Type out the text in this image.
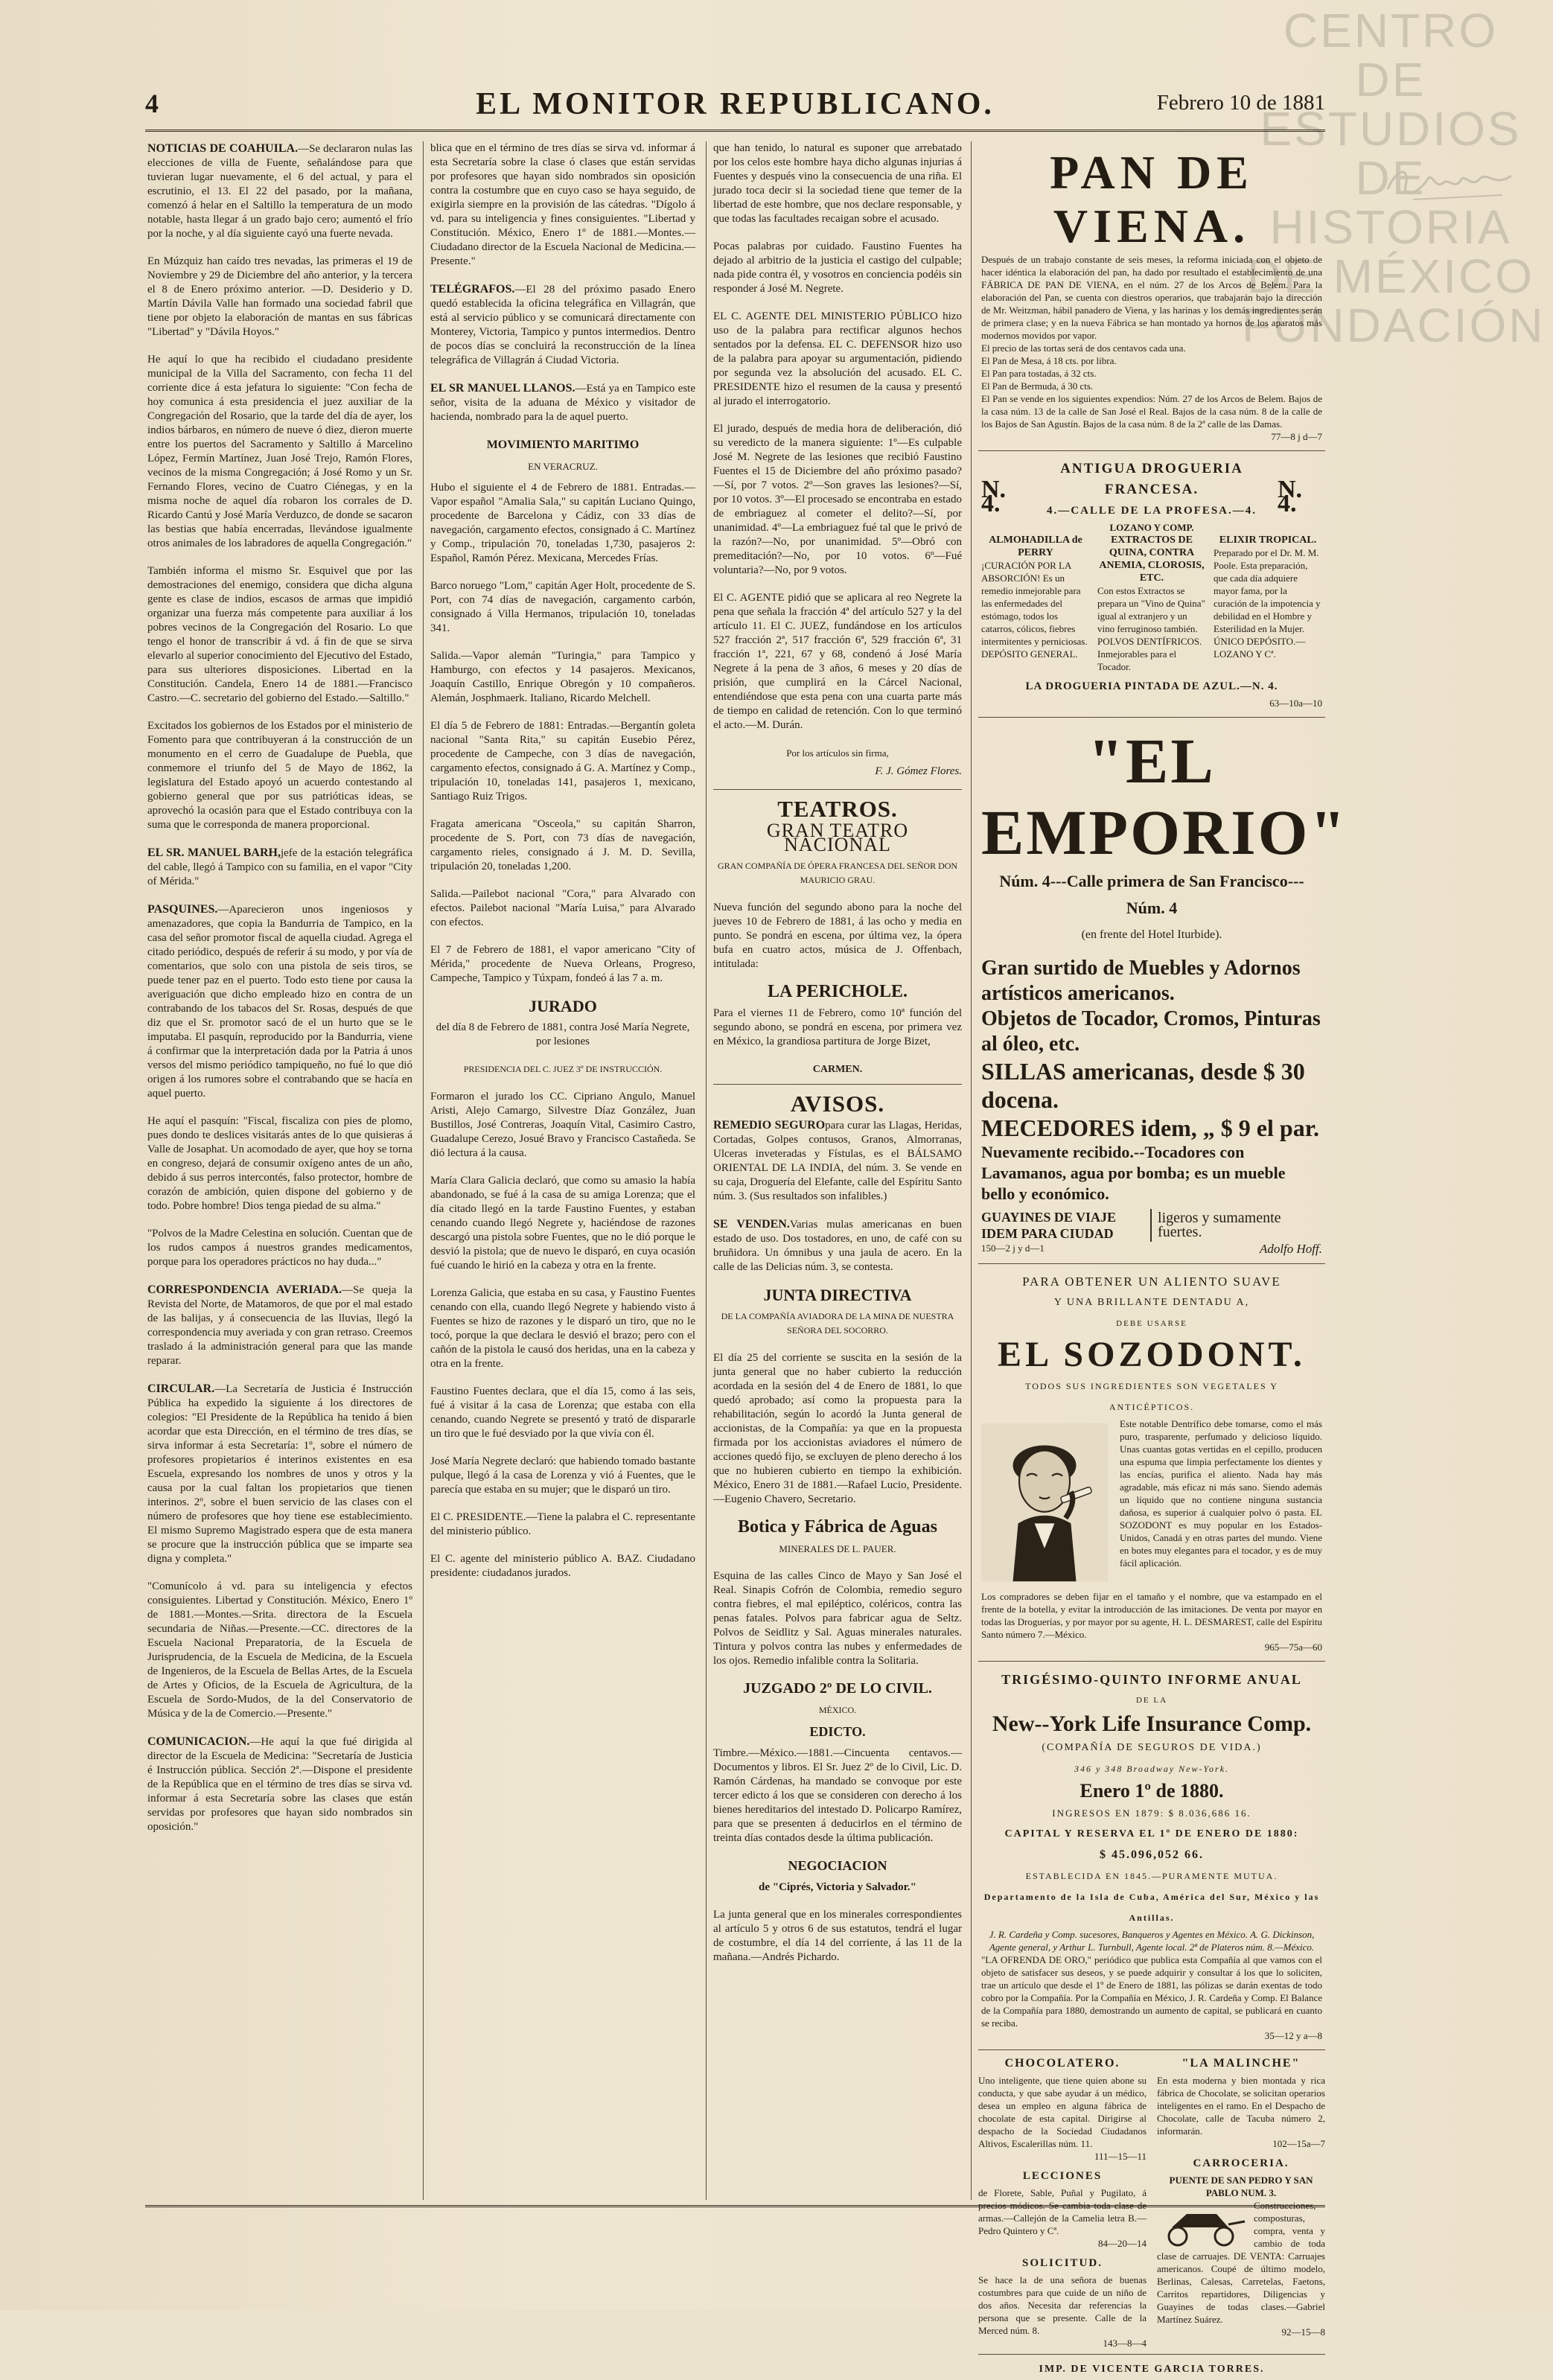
CENTRO DE
ESTUDIOS
DE HISTORIA
DE MÉXICO
FUNDACIÓN
4	EL MONITOR REPUBLICANO.	Febrero 10 de 1881
NOTICIAS DE COAHUILA.—Se declararon nulas las elecciones de villa de Fuente, señalándose para que tuvieran lugar nuevamente, el 6 del actual, y para el escrutinio, el 13. El 22 del pasado, por la mañana, comenzó á helar en el Saltillo la temperatura de un modo notable, hasta llegar á un grado bajo cero; aumentó el frío por la noche, y al día siguiente cayó una fuerte nevada.
En Múzquiz han caído tres nevadas, las primeras el 19 de Noviembre y 29 de Diciembre del año anterior, y la tercera el 8 de Enero próximo anterior. —D. Desiderio y D. Martín Dávila Valle han formado una sociedad fabril que tiene por objeto la elaboración de mantas en sus fábricas "Libertad" y "Dávila Hoyos."
He aquí lo que ha recibido el ciudadano presidente municipal de la Villa del Sacramento, con fecha 11 del corriente dice á esta jefatura lo siguiente: "Con fecha de hoy comunica á esta presidencia el juez auxiliar de la Congregación del Rosario, que la tarde del día de ayer, los indios bárbaros, en número de nueve ó diez, dieron muerte entre los puertos del Sacramento y Saltillo á Marcelino López, Fermín Martínez, Juan José Trejo, Ramón Flores, vecinos de la misma Congregación; á José Romo y un Sr. Fernando Flores, vecino de Cuatro Ciénegas, y en la misma noche de aquel día robaron los corrales de D. Ricardo Cantú y José María Verduzco, de donde se sacaron las bestias que había encerradas, llevándose igualmente otros animales de los labradores de aquella Congregación."
También informa el mismo Sr. Esquivel que por las demostraciones del enemigo, considera que dicha alguna gente es clase de indios, escasos de armas que impidió organizar una fuerza más competente para auxiliar á los pobres vecinos de la Congregación del Rosario. Lo que tengo el honor de transcribir á vd. á fin de que se sirva elevarlo al superior conocimiento del Ejecutivo del Estado, para sus ulteriores disposiciones. Libertad en la Constitución. Candela, Enero 14 de 1881.—Francisco Castro.—C. secretario del gobierno del Estado.—Saltillo."
Excitados los gobiernos de los Estados por el ministerio de Fomento para que contribuyeran á la construcción de un monumento en el cerro de Guadalupe de Puebla, que conmemore el triunfo del 5 de Mayo de 1862, la legislatura del Estado apoyó un acuerdo contestando al gobierno general que por sus patrióticas ideas, se aprovechó la ocasión para que el Estado contribuya con la suma que le corresponda de manera proporcional.
EL SR. MANUEL BARH,jefe de la estación telegráfica del cable, llegó á Tampico con su familia, en el vapor "City of Mérida."
PASQUINES.—Aparecieron unos ingeniosos y amenazadores, que copia la Bandurria de Tampico, en la casa del señor promotor fiscal de aquella ciudad. Agrega el citado periódico, después de referir á su modo, y por vía de comentarios, que solo con una pistola de seis tiros, se puede tener paz en el puerto. Todo esto tiene por causa la averiguación que dicho empleado hizo en contra de un contrabando de los tabacos del Sr. Rosas, después de que diz que el Sr. promotor sacó de el un hurto que se le imputaba. El pasquín, reproducido por la Bandurria, viene á confirmar que la interpretación dada por la Patria á unos versos del mismo periódico tampiqueño, no fué lo que dió origen á los rumores sobre el contrabando que se hacía en aquel puerto.
He aquí el pasquín: "Fiscal, fiscaliza con pies de plomo, pues dondo te deslices visitarás antes de lo que quisieras á Valle de Josaphat. Un acomodado de ayer, que hoy se torna en congreso, dejará de consumir oxígeno antes de un año, debido á sus perros intercontés, falso protector, hombre de corazón de ambición, quien dispone del gobierno y de todo. Pobre hombre! Dios tenga piedad de su alma."
"Polvos de la Madre Celestina en solución. Cuentan que de los rudos campos á nuestros grandes medicamentos, porque para los operadores prácticos no hay duda..."
CORRESPONDENCIA AVERIADA.—Se queja la Revista del Norte, de Matamoros, de que por el mal estado de las balijas, y á consecuencia de las lluvias, llegó la correspondencia muy averiada y con gran retraso. Creemos traslado á la administración general para que las mande reparar.
CIRCULAR.—La Secretaría de Justicia é Instrucción Pública ha expedido la siguiente á los directores de colegios: "El Presidente de la República ha tenido á bien acordar que esta Dirección, en el término de tres días, se sirva informar á esta Secretaría: 1º, sobre el número de profesores propietarios é interinos existentes en esa Escuela, expresando los nombres de unos y otros y la causa por la cual faltan los propietarios que tienen interinos. 2º, sobre el buen servicio de las clases con el número de profesores que hoy tiene ese establecimiento. El mismo Supremo Magistrado espera que de esta manera se procure que la instrucción pública que se imparte sea digna y completa."
"Comunícolo á vd. para su inteligencia y efectos consiguientes. Libertad y Constitución. México, Enero 1º de 1881.—Montes.—Srita. directora de la Escuela secundaria de Niñas.—Presente.—CC. directores de la Escuela Nacional Preparatoria, de la Escuela de Jurisprudencia, de la Escuela de Medicina, de la Escuela de Ingenieros, de la Escuela de Bellas Artes, de la Escuela de Artes y Oficios, de la Escuela de Agricultura, de la Escuela de Sordo-Mudos, de la del Conservatorio de Música y de la de Comercio.—Presente."
COMUNICACION.—He aquí la que fué dirigida al director de la Escuela de Medicina: "Secretaría de Justicia é Instrucción pública. Sección 2ª.—Dispone el presidente de la República que en el término de tres días se sirva vd. informar á esta Secretaría sobre las clases que están servidas por profesores que hayan sido nombrados sin oposición."
blica que en el término de tres días se sirva vd. informar á esta Secretaría sobre la clase ó clases que están servidas por profesores que hayan sido nombrados sin oposición contra la costumbre que en cuyo caso se haya seguido, de exigirla siempre en la provisión de las cátedras. "Dígolo á vd. para su inteligencia y fines consiguientes. "Libertad y Constitución. México, Enero 1º de 1881.—Montes.—Ciudadano director de la Escuela Nacional de Medicina.—Presente."
TELÉGRAFOS.—El 28 del próximo pasado Enero quedó establecida la oficina telegráfica en Villagrán, que está al servicio público y se comunicará directamente con Monterey, Victoria, Tampico y puntos intermedios. Dentro de pocos días se concluirá la reconstrucción de la línea telegráfica de Villagrán á Ciudad Victoria.
EL SR MANUEL LLANOS.—Está ya en Tampico este señor, visita de la aduana de México y visitador de hacienda, nombrado para la de aquel puerto.
MOVIMIENTO MARITIMO
EN VERACRUZ.
Hubo el siguiente el 4 de Febrero de 1881. Entradas.—Vapor español "Amalia Sala," su capitán Luciano Quingo, procedente de Barcelona y Cádiz, con 33 días de navegación, cargamento efectos, consignado á C. Martínez y Comp., tripulación 70, toneladas 1,730, pasajeros 2: Español, Ramón Pérez. Mexicana, Mercedes Frías.
Barco noruego "Lom," capitán Ager Holt, procedente de S. Port, con 74 días de navegación, cargamento carbón, consignado á Villa Hermanos, tripulación 10, toneladas 341.
Salida.—Vapor alemán "Turingia," para Tampico y Hamburgo, con efectos y 14 pasajeros. Mexicanos, Joaquín Castillo, Enrique Obregón y 10 compañeros. Alemán, Josphmaerk. Italiano, Ricardo Melchell.
El día 5 de Febrero de 1881: Entradas.—Bergantín goleta nacional "Santa Rita," su capitán Eusebio Pérez, procedente de Campeche, con 3 días de navegación, cargamento efectos, consignado á G. A. Martínez y Comp., tripulación 10, toneladas 141, pasajeros 1, mexicano, Santiago Ruiz Trigos.
Fragata americana "Osceola," su capitán Sharron, procedente de S. Port, con 73 días de navegación, cargamento rieles, consignado á J. M. D. Sevilla, tripulación 20, toneladas 1,200.
Salida.—Pailebot nacional "Cora," para Alvarado con efectos. Pailebot nacional "María Luisa," para Alvarado con efectos.
El 7 de Febrero de 1881, el vapor americano "City of Mérida," procedente de Nueva Orleans, Progreso, Campeche, Tampico y Túxpam, fondeó á las 7 a. m.
JURADO
del día 8 de Febrero de 1881, contra José María Negrete, por lesiones
PRESIDENCIA DEL C. JUEZ 3º DE INSTRUCCIÓN.
Formaron el jurado los CC. Cipriano Angulo, Manuel Aristi, Alejo Camargo, Silvestre Díaz González, Juan Bustillos, José Contreras, Joaquín Vital, Casimiro Castro, Guadalupe Cerezo, Josué Bravo y Francisco Castañeda. Se dió lectura á la causa.
María Clara Galicia declaró, que como su amasio la había abandonado, se fué á la casa de su amiga Lorenza; que el día citado llegó en la tarde Faustino Fuentes, y estaban cenando cuando llegó Negrete y, haciéndose de razones descargó una pistola sobre Fuentes, que no le dió porque le desvió la pistola; que de nuevo le disparó, en cuya ocasión fué cuando le hirió en la cabeza y otra en la frente.
Lorenza Galicia, que estaba en su casa, y Faustino Fuentes cenando con ella, cuando llegó Negrete y habiendo visto á Fuentes se hizo de razones y le disparó un tiro, que no le tocó, porque la que declara le desvió el brazo; pero con el cañón de la pistola le causó dos heridas, una en la cabeza y otra en la frente.
Faustino Fuentes declara, que el día 15, como á las seis, fué á visitar á la casa de Lorenza; que estaba con ella cenando, cuando Negrete se presentó y trató de dispararle un tiro que le fué desviado por la que vivía con él.
José María Negrete declaró: que habiendo tomado bastante pulque, llegó á la casa de Lorenza y vió á Fuentes, que le parecía que estaba en su mujer; que le disparó un tiro.
El C. PRESIDENTE.—Tiene la palabra el C. representante del ministerio público.
El C. agente del ministerio público A. BAZ. Ciudadano presidente: ciudadanos jurados.
que han tenido, lo natural es suponer que arrebatado por los celos este hombre haya dicho algunas injurias á Fuentes y después vino la consecuencia de una riña. El jurado toca decir si la sociedad tiene que temer de la libertad de este hombre, que nos declare responsable, y que todas las facultades recaigan sobre el acusado.
Pocas palabras por cuidado. Faustino Fuentes ha dejado al arbitrio de la justicia el castigo del culpable; nada pide contra él, y vosotros en conciencia podéis sin responder á José M. Negrete.
EL C. AGENTE DEL MINISTERIO PÚBLICO hizo uso de la palabra para rectificar algunos hechos sentados por la defensa. EL C. DEFENSOR hizo uso de la palabra para apoyar su argumentación, pidiendo por segunda vez la absolución del acusado. EL C. PRESIDENTE hizo el resumen de la causa y presentó al jurado el interrogatorio.
El jurado, después de media hora de deliberación, dió su veredicto de la manera siguiente: 1º—Es culpable José M. Negrete de las lesiones que recibió Faustino Fuentes el 15 de Diciembre del año próximo pasado?—Sí, por 7 votos. 2º—Son graves las lesiones?—Sí, por 10 votos. 3º—El procesado se encontraba en estado de embriaguez al cometer el delito?—Sí, por unanimidad. 4º—La embriaguez fué tal que le privó de la razón?—No, por unanimidad. 5º—Obró con premeditación?—No, por 10 votos. 6º—Fué voluntaria?—No, por 9 votos.
El C. AGENTE pidió que se aplicara al reo Negrete la pena que señala la fracción 4ª del artículo 527 y la del artículo 11. El C. JUEZ, fundándose en los artículos 527 fracción 2ª, 517 fracción 6ª, 529 fracción 6ª, 31 fracción 1ª, 221, 67 y 68, condenó á José María Negrete á la pena de 3 años, 6 meses y 20 días de prisión, que cumplirá en la Cárcel Nacional, entendiéndose que esta pena con una cuarta parte más de tiempo en calidad de retención. Con lo que terminó el acto.—M. Durán.
Por los artículos sin firma,
F. J. Gómez Flores.
TEATROS.
GRAN TEATRO NACIONAL
GRAN COMPAÑÍA DE ÓPERA FRANCESA DEL SEÑOR DON MAURICIO GRAU.
Nueva función del segundo abono para la noche del jueves 10 de Febrero de 1881, á las ocho y media en punto. Se pondrá en escena, por última vez, la ópera bufa en cuatro actos, música de J. Offenbach, intitulada:
LA PERICHOLE.
Para el viernes 11 de Febrero, como 10ª función del segundo abono, se pondrá en escena, por primera vez en México, la grandiosa partitura de Jorge Bizet,
CARMEN.
AVISOS.
REMEDIO SEGUROpara curar las Llagas, Heridas, Cortadas, Golpes contusos, Granos, Almorranas, Ulceras inveteradas y Fístulas, es el BÁLSAMO ORIENTAL DE LA INDIA, del núm. 3. Se vende en su caja, Droguería del Elefante, calle del Espíritu Santo núm. 3. (Sus resultados son infalibles.)
SE VENDEN.Varias mulas americanas en buen estado de uso. Dos tostadores, en uno, de café con su bruñidora. Un ómnibus y una jaula de acero. En la calle de las Delicias núm. 3, se contesta.
JUNTA DIRECTIVA
DE LA COMPAÑÍA AVIADORA DE LA MINA DE NUESTRA SEÑORA DEL SOCORRO.
El día 25 del corriente se suscita en la sesión de la junta general que no haber cubierto la reducción acordada en la sesión del 4 de Enero de 1881, lo que quedó aprobado; así como la propuesta para la rehabilitación, según lo acordó la Junta general de accionistas, de la Compañía: ya que en la propuesta firmada por los accionistas aviadores el número de acciones quedó fijo, se excluyen de pleno derecho á los que no hubieren cubierto en tiempo la exhibición. México, Enero 31 de 1881.—Rafael Lucio, Presidente.—Eugenio Chavero, Secretario.
Botica y Fábrica de Aguas
MINERALES DE L. PAUER.
Esquina de las calles Cinco de Mayo y San José el Real. Sinapis Cofrón de Colombia, remedio seguro contra fiebres, el mal epiléptico, coléricos, contra las penas fatales. Polvos para fabricar agua de Seltz. Polvos de Seidlitz y Sal. Aguas minerales naturales. Tintura y polvos contra las nubes y enfermedades de los ojos. Remedio infalible contra la Solitaria.
JUZGADO 2º DE LO CIVIL.
MÉXICO.
EDICTO.
Timbre.—México.—1881.—Cincuenta centavos.—Documentos y libros. El Sr. Juez 2º de lo Civil, Lic. D. Ramón Cárdenas, ha mandado se convoque por este tercer edicto á los que se consideren con derecho á los bienes hereditarios del intestado D. Policarpo Ramírez, para que se presenten á deducirlos en el término de treinta días contados desde la última publicación.
NEGOCIACION
de "Ciprés, Victoria y Salvador."
La junta general que en los minerales correspondientes al artículo 5 y otros 6 de sus estatutos, tendrá el lugar de costumbre, el día 14 del corriente, á las 11 de la mañana.—Andrés Pichardo.
PAN DE VIENA.
Después de un trabajo constante de seis meses, la reforma iniciada con el objeto de hacer idéntica la elaboración del pan, ha dado por resultado el establecimiento de una FÁBRICA DE PAN DE VIENA, en el núm. 27 de los Arcos de Belem. Para la elaboración del Pan, se cuenta con diestros operarios, que trabajarán bajo la dirección de Mr. Weitzman, hábil panadero de Viena, y las harinas y los demás ingredientes serán de primera clase; y en la nueva Fábrica se han montado ya hornos de los aparatos más modernos movidos por vapor.
El precio de las tortas será de dos centavos cada una.
El Pan de Mesa, á 18 cts. por libra.
El Pan para tostadas, á 32 cts.
El Pan de Bermuda, á 30 cts.
El Pan se vende en los siguientes expendios: Núm. 27 de los Arcos de Belem. Bajos de la casa núm. 13 de la calle de San José el Real. Bajos de la casa núm. 8 de la calle de los Bajos de San Agustín. Bajos de la casa núm. 8 de la 2ª calle de las Damas.
77—8 j d—7
N. 4.
ANTIGUA DROGUERIA FRANCESA.
4.—CALLE DE LA PROFESA.—4.
LOZANO Y COMP.
N. 4.
ALMOHADILLA de PERRY
¡CURACIÓN POR LA ABSORCIÓN! Es un remedio inmejorable para las enfermedades del estómago, todos los catarros, cólicos, fiebres intermitentes y perniciosas. DEPÓSITO GENERAL.
EXTRACTOS DE QUINA, CONTRA ANEMIA, CLOROSIS, ETC.
Con estos Extractos se prepara un "Vino de Quina" igual al extranjero y un vino ferruginoso también. POLVOS DENTÍFRICOS. Inmejorables para el Tocador.
ELIXIR TROPICAL.
Preparado por el Dr. M. M. Poole. Esta preparación, que cada día adquiere mayor fama, por la curación de la impotencia y debilidad en el Hombre y Esterilidad en la Mujer. ÚNICO DEPÓSITO.—LOZANO Y Cª.
LA DROGUERIA PINTADA DE AZUL.—N. 4.
63—10a—10
"EL EMPORIO"
Núm. 4---Calle primera de San Francisco---Núm. 4
(en frente del Hotel Iturbide).
Gran surtido de Muebles y Adornos artísticos americanos.
Objetos de Tocador, Cromos, Pinturas al óleo, etc.
SILLAS americanas, desde $ 30 docena.
MECEDORES idem, „ $ 9 el par.
Nuevamente recibido.--Tocadores con Lavamanos, agua por bomba; es un mueble bello y económico.
GUAYINES DE VIAJE IDEM PARA CIUDAD
ligeros y sumamente fuertes.
150—2 j y d—1	Adolfo Hoff.
PARA OBTENER UN ALIENTO SUAVE
Y UNA BRILLANTE DENTADU A,
DEBE USARSE
EL SOZODONT.
TODOS SUS INGREDIENTES SON VEGETALES Y ANTICÉPTICOS.
Este notable Dentrífico debe tomarse, como el más puro, trasparente, perfumado y delicioso líquido. Unas cuantas gotas vertidas en el cepillo, producen una espuma que limpia perfectamente los dientes y las encías, purifica el aliento. Nada hay más agradable, más eficaz ni más sano. Siendo además un líquido que no contiene ninguna sustancia dañosa, es superior á cualquier polvo ó pasta. EL SOZODONT es muy popular en los Estados-Unidos, Canadá y en otras partes del mundo. Viene en botes muy elegantes para el tocador, y es de muy fácil aplicación.
Los compradores se deben fijar en el tamaño y el nombre, que va estampado en el frente de la botella, y evitar la introducción de las imitaciones. De venta por mayor en todas las Droguerías, y por mayor por su agente, H. L. DESMAREST, calle del Espíritu Santo número 7.—México.
965—75a—60
TRIGÉSIMO-QUINTO INFORME ANUAL
DE LA
New--York Life Insurance Comp.
(COMPAÑÍA DE SEGUROS DE VIDA.)
346 y 348 Broadway New-York.
Enero 1º de 1880.
INGRESOS EN 1879: $ 8.036,686 16.
CAPITAL Y RESERVA EL 1º DE ENERO DE 1880:
$ 45.096,052 66.
ESTABLECIDA EN 1845.—PURAMENTE MUTUA.
Departamento de la Isla de Cuba, América del Sur, México y las Antillas.
J. R. Cardeña y Comp. sucesores, Banqueros y Agentes en México. A. G. Dickinson, Agente general, y Arthur L. Turnbull, Agente local. 2ª de Plateros núm. 8.—México.
"LA OFRENDA DE ORO," periódico que publica esta Compañía al que vamos con el objeto de satisfacer sus deseos, y se puede adquirir y consultar á los que lo soliciten, trae un artículo que desde el 1º de Enero de 1881, las pólizas se darán exentas de todo cobro por la Compañía. Por la Compañía en México, J. R. Cardeña y Comp. El Balance de la Compañía para 1880, demostrando un aumento de capital, se publicará en cuanto se reciba.
35—12 y a—8
CHOCOLATERO.
Uno inteligente, que tiene quien abone su conducta, y que sabe ayudar á un médico, desea un empleo en alguna fábrica de chocolate de esta capital. Dirigirse al despacho de la Sociedad Ciudadanos Altivos, Escalerillas núm. 11.
111—15—11
LECCIONES
de Florete, Sable, Puñal y Pugilato, á precios módicos. Se cambia toda clase de armas.—Callejón de la Camelia letra B.—Pedro Quintero y Cª.
84—20—14
SOLICITUD.
Se hace la de una señora de buenas costumbres para que cuide de un niño de dos años. Necesita dar referencias la persona que se presente. Calle de la Merced núm. 8.
143—8—4
"LA MALINCHE"
En esta moderna y bien montada y rica fábrica de Chocolate, se solicitan operarios inteligentes en el ramo. En el Despacho de Chocolate, calle de Tacuba número 2, informarán.
102—15a—7
CARROCERIA.
PUENTE DE SAN PEDRO Y SAN PABLO NUM. 3.
Construcciones, composturas, compra, venta y cambio de toda clase de carruajes. DE VENTA: Carruajes americanos. Coupé de último modelo, Berlinas, Calesas, Carretelas, Faetons, Carritos repartidores, Diligencias y Guayines de todas clases.—Gabriel Martínez Suárez.
92—15—8
IMP. DE VICENTE GARCIA TORRES.
